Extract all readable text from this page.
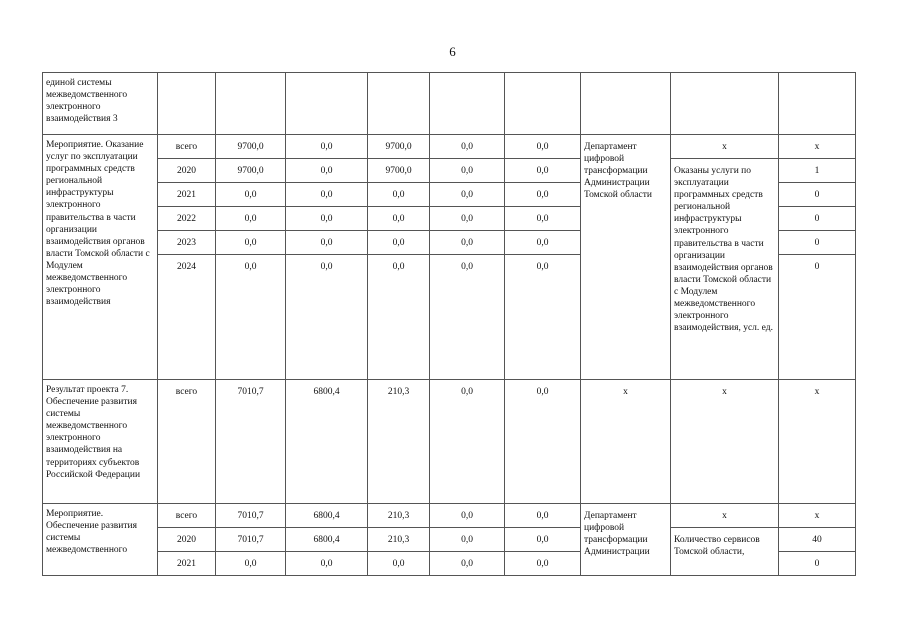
6
единой системы межведомственного электронного взаимодействия 3									
Мероприятие. Оказание услуг по эксплуатации программных средств региональной инфраструктуры электронного правительства в части организации взаимодействия органов власти Томской области с Модулем межведомственного электронного взаимодействия	всего	9700,0	0,0	9700,0	0,0	0,0	Департамент цифровой трансформации Администрации Томской области	х	х
	2020	9700,0	0,0	9700,0	0,0	0,0		Оказаны услуги по эксплуатации программных средств региональной инфраструктуры электронного правительства в части организации взаимодействия органов власти Томской области с Модулем межведомственного электронного взаимодействия, усл. ед.	1
	2021	0,0	0,0	0,0	0,0	0,0			0
	2022	0,0	0,0	0,0	0,0	0,0			0
	2023	0,0	0,0	0,0	0,0	0,0			0
	2024	0,0	0,0	0,0	0,0	0,0			0
Результат проекта 7. Обеспечение развития системы межведомственного электронного взаимодействия на территориях субъектов Российской Федерации	всего	7010,7	6800,4	210,3	0,0	0,0	х	х	х
Мероприятие. Обеспечение развития системы межведомственного	всего	7010,7	6800,4	210,3	0,0	0,0	Департамент цифровой трансформации Администрации	х	х
	2020	7010,7	6800,4	210,3	0,0	0,0		Количество сервисов Томской области,	40
	2021	0,0	0,0	0,0	0,0	0,0			0
